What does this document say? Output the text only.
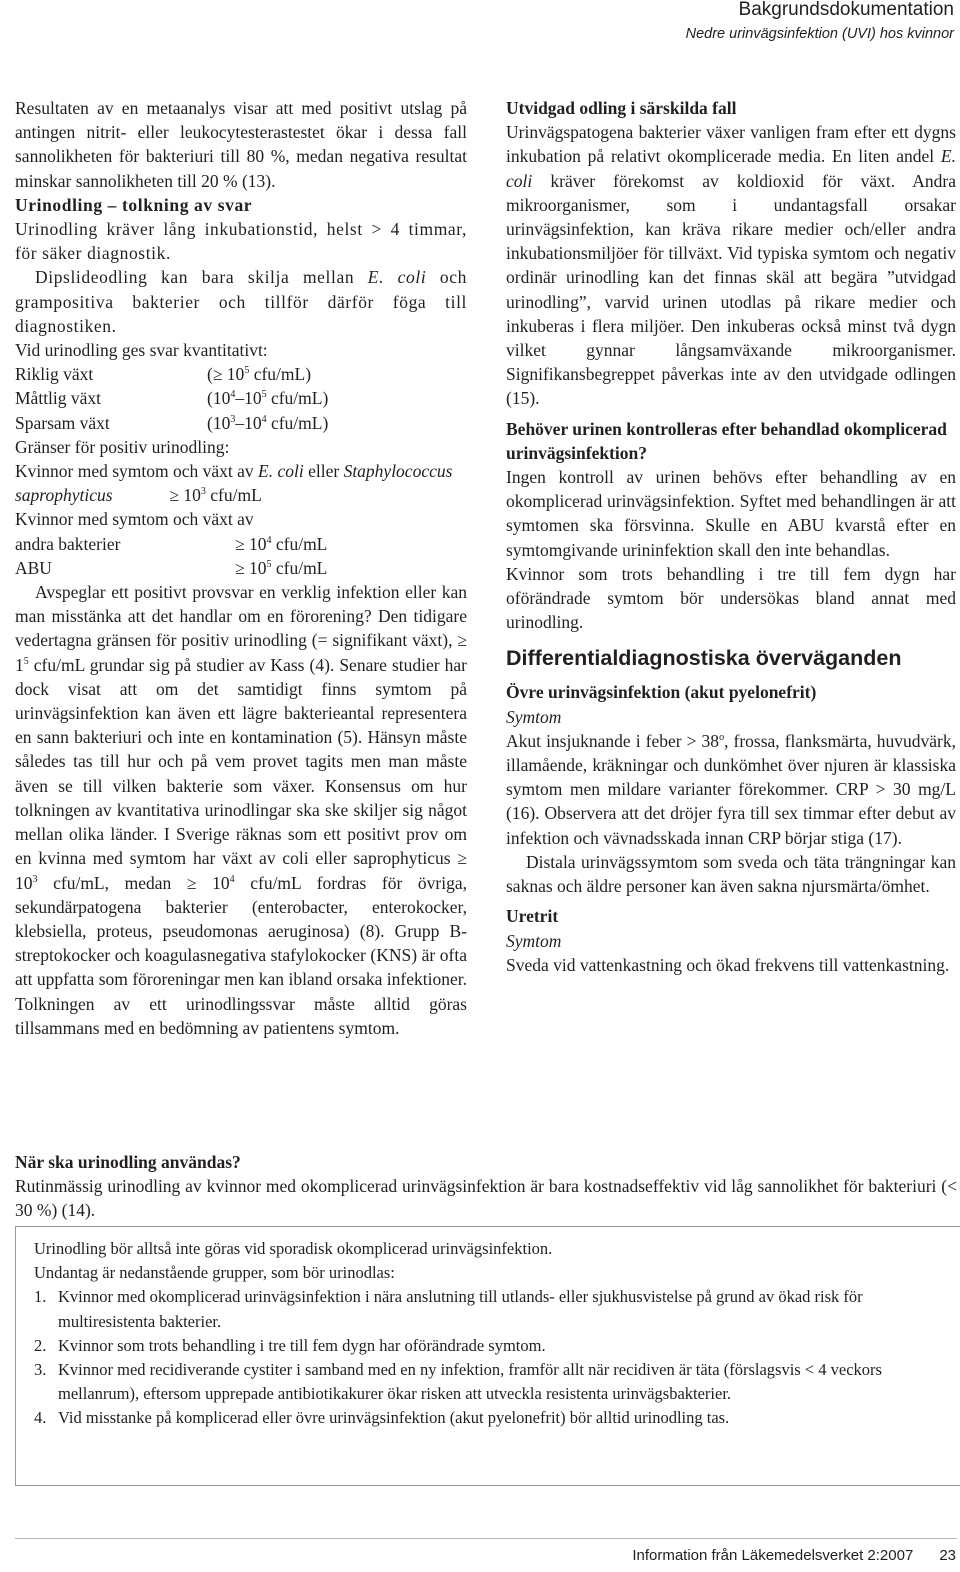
Bakgrundsdokumentation
Nedre urinvägsinfektion (UVI) hos kvinnor

Resultaten av en metaanalys visar att med positivt utslag på antingen nitrit- eller leukocytesterastestet ökar i dessa fall sannolikheten för bakteriuri till 80 %, medan negativa resultat minskar sannolikheten till 20 % (13).

Urinodling – tolkning av svar

Urinodling kräver lång inkubationstid, helst > 4 timmar, för säker diagnostik.

Dipslideodling kan bara skilja mellan E. coli och grampositiva bakterier och tillför därför föga till diagnostiken.

Vid urinodling ges svar kvantitativt:

Riklig växt	(≥ $10^5$ cfu/mL)
Måttlig växt	($10^4-10^5$ cfu/mL)
Sparsam växt	($10^3-10^4$ cfu/mL)

Gränser för positiv urinodling:

Kvinnor med symtom och växt av E. coli eller Staphylococcus saprophyticus	≥ $10^3$ cfu/mL

Kvinnor med symtom och växt av

andra bakterier	≥ $10^4$ cfu/mL
ABU	≥ $10^5$ cfu/mL

Avspeglar ett positivt provsvar en verklig infektion eller kan man misstänka att det handlar om en förorening? Den tidigare vedertagna gränsen för positiv urinodling (= signifikant växt), ≥ $1^5$ cfu/mL grundar sig på studier av Kass (4). Senare studier har dock visat att om det samtidigt finns symtom på urinvägsinfektion kan även ett lägre bakterieantal representera en sann bakteriuri och inte en kontamination (5). Hänsyn måste således tas till hur och på vem provet tagits men man måste även se till vilken bakterie som växer. Konsensus om hur tolkningen av kvantitativa urinodlingar ska ske skiljer sig något mellan olika länder. I Sverige räknas som ett positivt prov om en kvinna med symtom har växt av coli eller saprophyticus ≥ $10^3$ cfu/mL, medan ≥ $10^4$ cfu/mL fordras för övriga, sekundärpatogena bakterier (enterobacter, enterokocker, klebsiella, proteus, pseudomonas aeruginosa) (8). Grupp B-streptokocker och koagulasnegativa stafylokocker (KNS) är ofta att uppfatta som föroreningar men kan ibland orsaka infektioner. Tolkningen av ett urinodlingssvar måste alltid göras tillsammans med en bedömning av patientens symtom.

Utvidgad odling i särskilda fall

Urinvägspatogena bakterier växer vanligen fram efter ett dygns inkubation på relativt okomplicerade media. En liten andel E. coli kräver förekomst av koldioxid för växt. Andra mikroorganismer, som i undantagsfall orsakar urinvägsinfektion, kan kräva rikare medier och/eller andra inkubationsmiljöer för tillväxt. Vid typiska symtom och negativ ordinär urinodling kan det finnas skäl att begära ”utvidgad urinodling”, varvid urinen utodlas på rikare medier och inkuberas i flera miljöer. Den inkuberas också minst två dygn vilket gynnar långsamväxande mikroorganismer. Signifikansbegreppet påverkas inte av den utvidgade odlingen (15).

Behöver urinen kontrolleras efter behandlad okomplicerad urinvägsinfektion?

Ingen kontroll av urinen behövs efter behandling av en okomplicerad urinvägsinfektion. Syftet med behandlingen är att symtomen ska försvinna. Skulle en ABU kvarstå efter en symtomgivande urininfektion skall den inte behandlas.

Kvinnor som trots behandling i tre till fem dygn har oförändrade symtom bör undersökas bland annat med urinodling.

Differentialdiagnostiska överväganden

Övre urinvägsinfektion (akut pyelonefrit)

Symtom

Akut insjuknande i feber > $38^o$, frossa, flanksmärta, huvudvärk, illamående, kräkningar och dunkömhet över njuren är klassiska symtom men mildare varianter förekommer. CRP > 30 mg/L (16). Observera att det dröjer fyra till sex timmar efter debut av infektion och vävnadsskada innan CRP börjar stiga (17).

Distala urinvägssymtom som sveda och täta trängningar kan saknas och äldre personer kan även sakna njursmärta/ömhet.

Uretrit

Symtom

Sveda vid vattenkastning och ökad frekvens till vattenkastning.

När ska urinodling användas?

Rutinmässig urinodling av kvinnor med okomplicerad urinvägsinfektion är bara kostnadseffektiv vid låg sannolikhet för bakteriuri (< 30 %) (14).

Urinodling bör alltså inte göras vid sporadisk okomplicerad urinvägsinfektion.

Undantag är nedanstående grupper, som bör urinodlas:

1. Kvinnor med okomplicerad urinvägsinfektion i nära anslutning till utlands- eller sjukhusvistelse på grund av ökad risk för multiresistenta bakterier.
2. Kvinnor som trots behandling i tre till fem dygn har oförändrade symtom.
3. Kvinnor med recidiverande cystiter i samband med en ny infektion, framför allt när recidiven är täta (förslagsvis < 4 veckors mellanrum), eftersom upprepade antibiotikakurer ökar risken att utveckla resistenta urinvägsbakterier.
4. Vid misstanke på komplicerad eller övre urinvägsinfektion (akut pyelonefrit) bör alltid urinodling tas.
Information från Läkemedelsverket 2:2007 23
